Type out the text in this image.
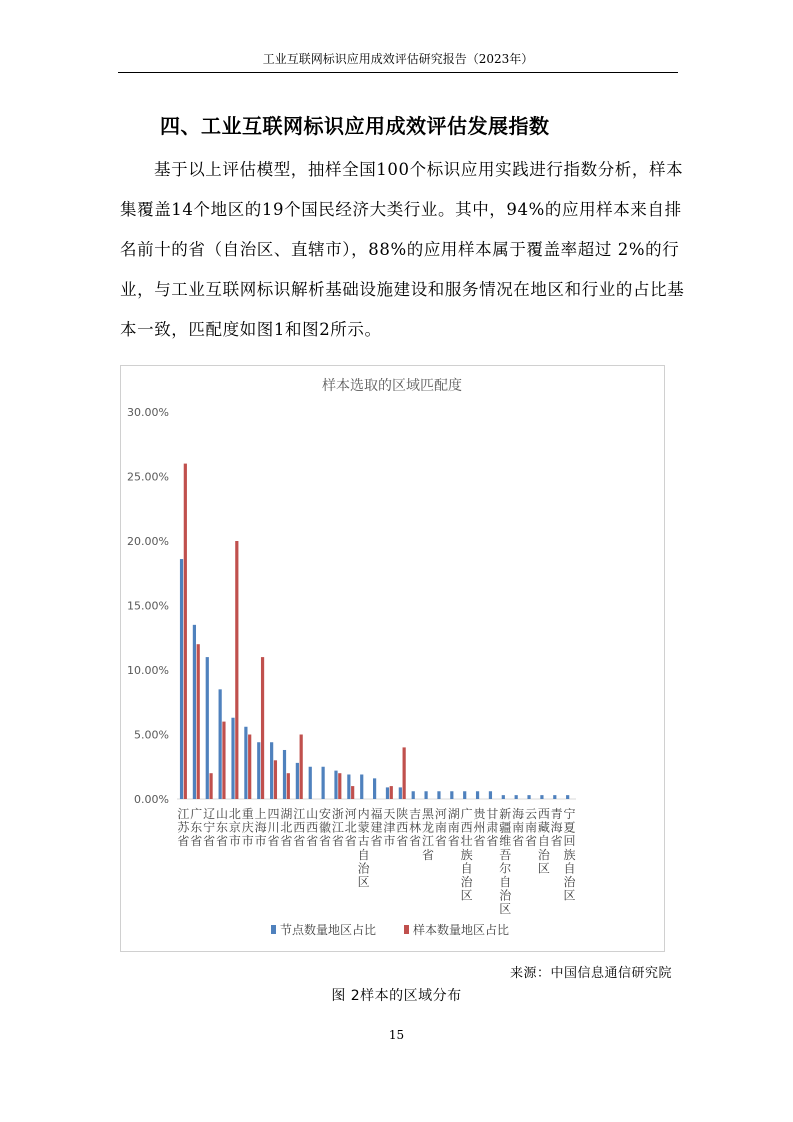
工业互联网标识应用成效评估研究报告（2023年）
四、工业互联网标识应用成效评估发展指数
基于以上评估模型，抽样全国100个标识应用实践进行指数分析，样本集覆盖14个地区的19个国民经济大类行业。其中，94%的应用样本来自排名前十的省（自治区、直辖市），88%的应用样本属于覆盖率超过 2%的行业，与工业互联网标识解析基础设施建设和服务情况在地区和行业的占比基本一致，匹配度如图1和图2所示。
样本选取的区域匹配度
0.00%
5.00%
10.00%
15.00%
20.00%
25.00%
30.00%
江苏省
广东省
辽宁省
山东省
北京市
重庆市
上海市
四川省
湖北省
江西省
山西省
安徽省
浙江省
河北省
内蒙古自治区
福建省
天津市
陕西省
吉林省
黑龙江省
河南省
湖南省
广西壮族自治区
贵州省
甘肃省
新疆维吾尔自治区
海南省
云南省
西藏自治区
青海省
宁夏回族自治区
节点数量地区占比	样本数量地区占比
来源：中国信息通信研究院
图 2样本的区域分布
15
